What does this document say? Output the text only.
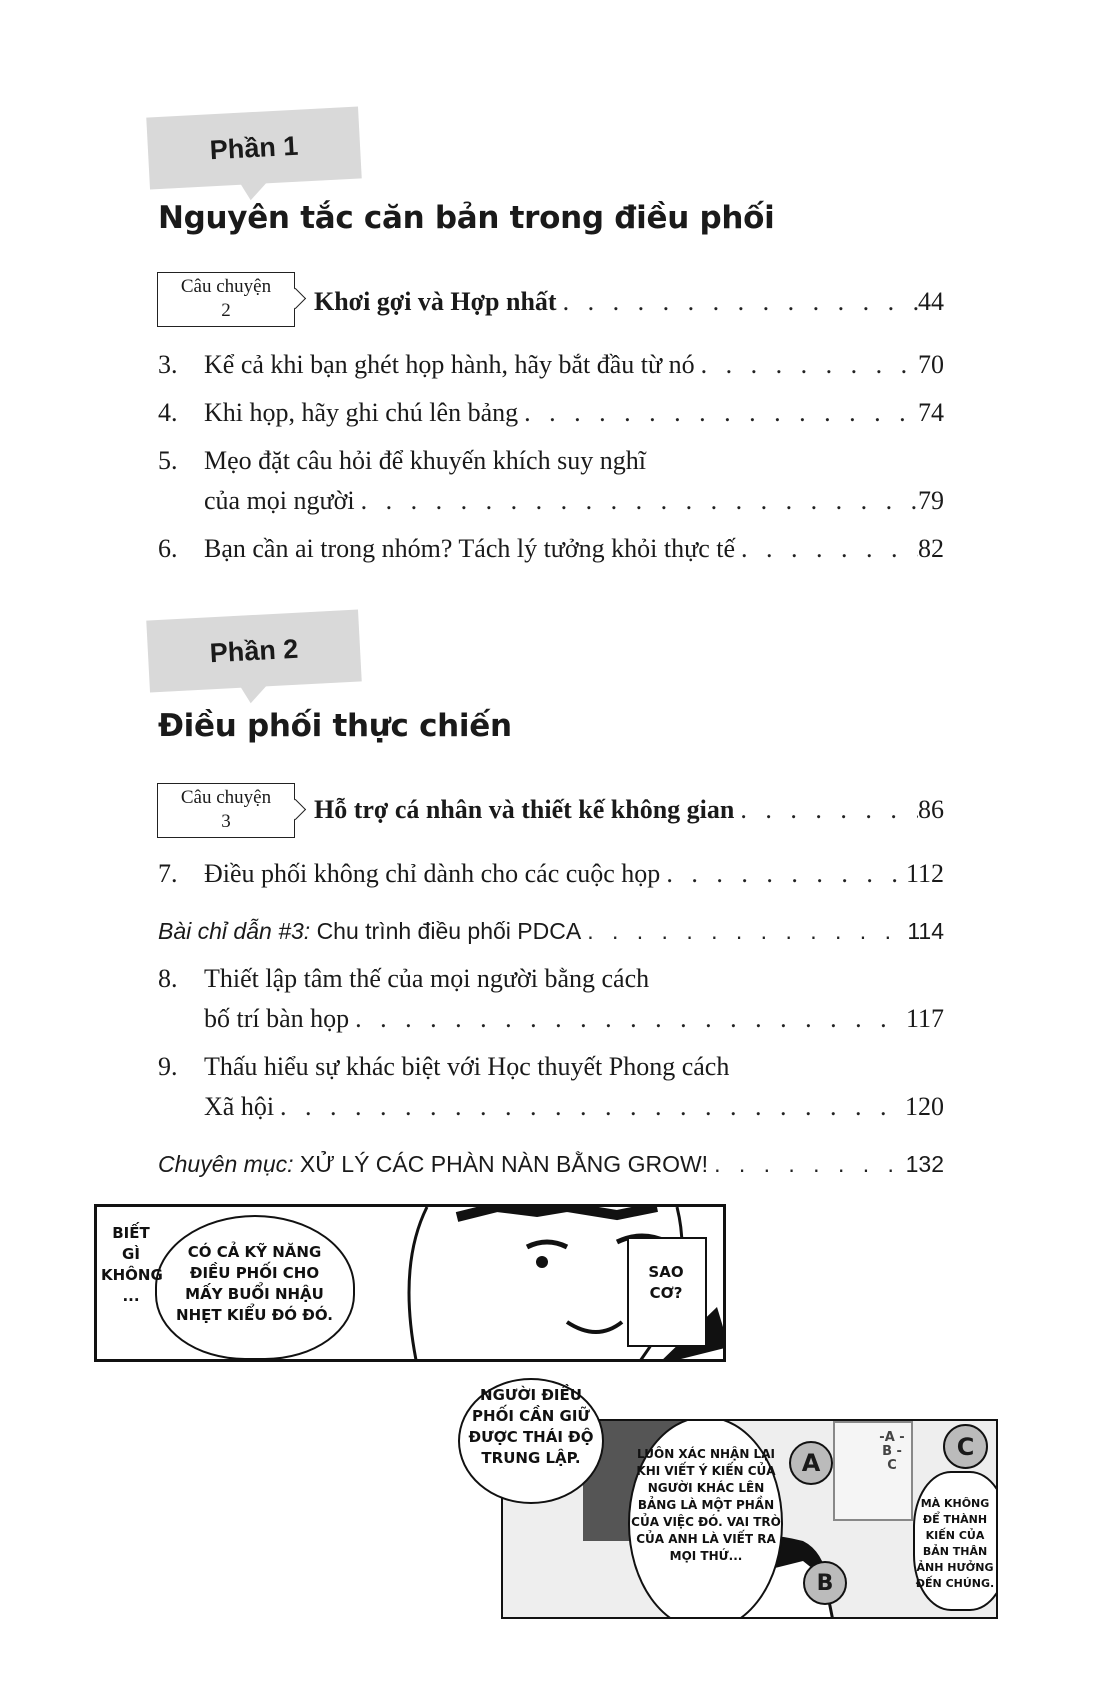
Phần 1
Nguyên tắc căn bản trong điều phối
Câu chuyện
2	Khơi gợi và Hợp nhất . . .	44
3.	Kể cả khi bạn ghét họp hành, hãy bắt đầu từ nó . . .	70
4.	Khi họp, hãy ghi chú lên bảng . . .	74
5.	Mẹo đặt câu hỏi để khuyến khích suy nghĩ
của mọi người . . .	79
6.	Bạn cần ai trong nhóm? Tách lý tưởng khỏi thực tế . . .	82
Phần 2
Điều phối thực chiến
Câu chuyện
3	Hỗ trợ cá nhân và thiết kế không gian . . .	86
7.	Điều phối không chỉ dành cho các cuộc họp . . .	112
Bài chỉ dẫn #3: Chu trình điều phối PDCA . . .	114
8.	Thiết lập tâm thế của mọi người bằng cách
bố trí bàn họp . . .	117
9.	Thấu hiểu sự khác biệt với Học thuyết Phong cách
Xã hội . . .	120
Chuyên mục: XỬ LÝ CÁC PHÀN NÀN BẰNG GROW! . . .	132
BIẾT GÌ KHÔNG ...
CÓ CẢ KỸ NĂNG ĐIỀU PHỐI CHO MẤY BUỔI NHẬU NHẸT KIỂU ĐÓ ĐÓ.
SAO CƠ?
-A -B -C
LUÔN XÁC NHẬN LẠI KHI VIẾT Ý KIẾN CỦA NGƯỜI KHÁC LÊN BẢNG LÀ MỘT PHẦN CỦA VIỆC ĐÓ. VAI TRÒ CỦA ANH LÀ VIẾT RA MỌI THỨ...
A
B
C
MÀ KHÔNG ĐỂ THÀNH KIẾN CỦA BẢN THÂN ẢNH HƯỞNG ĐẾN CHÚNG.
NGƯỜI ĐIỀU PHỐI CẦN GIỮ ĐƯỢC THÁI ĐỘ TRUNG LẬP.
